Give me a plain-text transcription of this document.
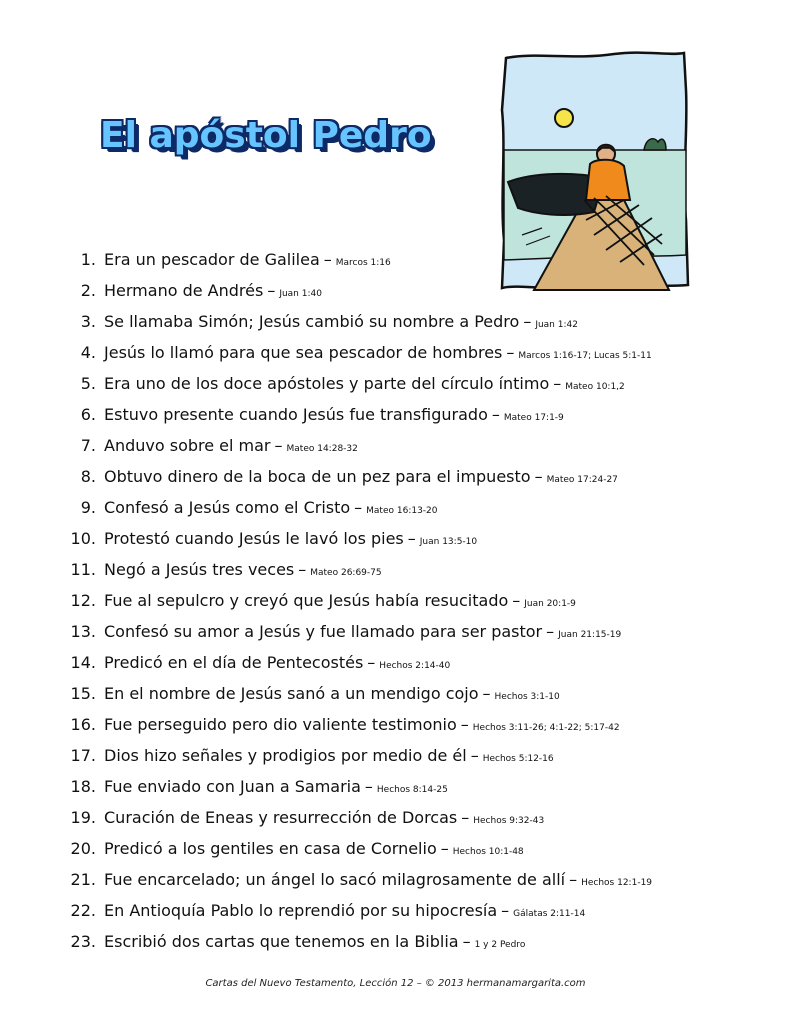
El apóstol Pedro
1. Era un pescador de Galilea – Marcos 1:16
2. Hermano de Andrés – Juan 1:40
3. Se llamaba Simón; Jesús cambió su nombre a Pedro – Juan 1:42
4. Jesús lo llamó para que sea pescador de hombres – Marcos 1:16-17; Lucas 5:1-11
5. Era uno de los doce apóstoles y parte del círculo íntimo – Mateo 10:1,2
6. Estuvo presente cuando Jesús fue transfigurado – Mateo 17:1-9
7. Anduvo sobre el mar – Mateo 14:28-32
8. Obtuvo dinero de la boca de un pez para el impuesto – Mateo 17:24-27
9. Confesó a Jesús como el Cristo – Mateo 16:13-20
10. Protestó cuando Jesús le lavó los pies – Juan 13:5-10
11. Negó a Jesús tres veces – Mateo 26:69-75
12. Fue al sepulcro y creyó que Jesús había resucitado – Juan 20:1-9
13. Confesó su amor a Jesús y fue llamado para ser pastor – Juan 21:15-19
14. Predicó en el día de Pentecostés – Hechos 2:14-40
15. En el nombre de Jesús sanó a un mendigo cojo – Hechos 3:1-10
16. Fue perseguido pero dio valiente testimonio – Hechos 3:11-26; 4:1-22; 5:17-42
17. Dios hizo señales y prodigios por medio de él – Hechos 5:12-16
18. Fue enviado con Juan a Samaria – Hechos 8:14-25
19. Curación de Eneas y resurrección de Dorcas – Hechos 9:32-43
20. Predicó a los gentiles en casa de Cornelio – Hechos 10:1-48
21. Fue encarcelado; un ángel lo sacó milagrosamente de allí – Hechos 12:1-19
22. En Antioquía Pablo lo reprendió por su hipocresía – Gálatas 2:11-14
23. Escribió dos cartas que tenemos en la Biblia – 1 y 2 Pedro
Cartas del Nuevo Testamento, Lección 12 – © 2013 hermanamargarita.com
